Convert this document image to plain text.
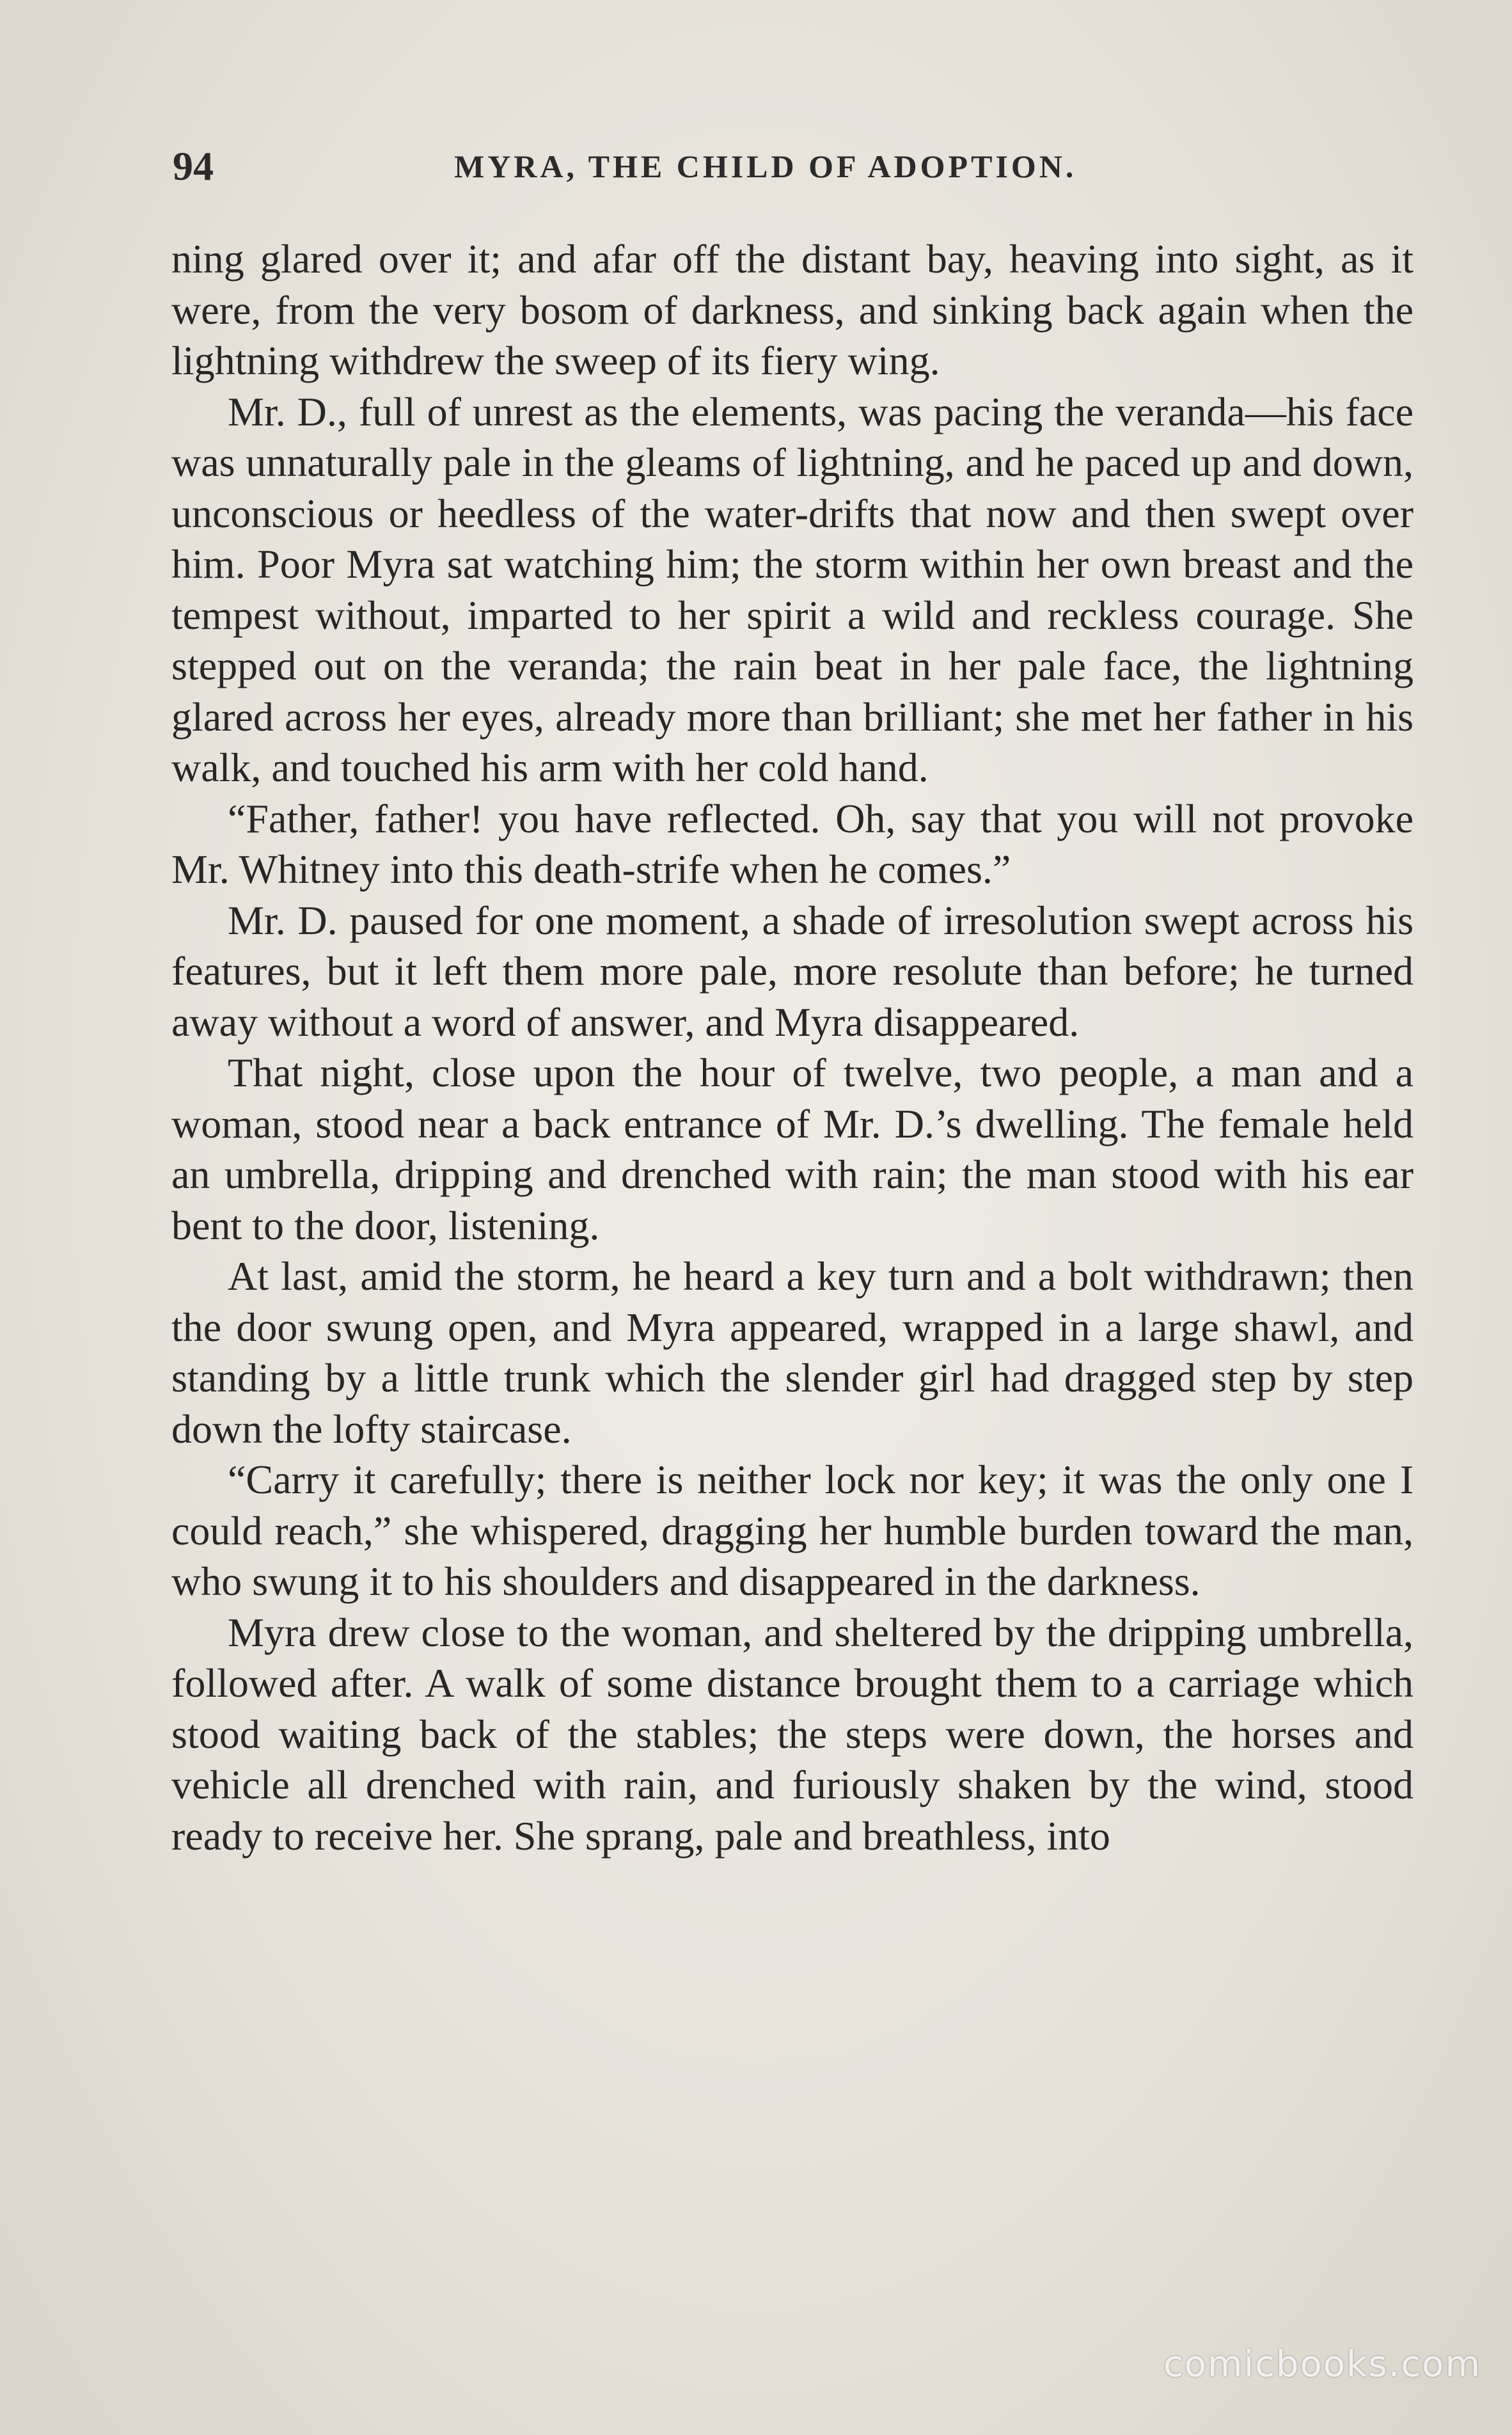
94	MYRA, THE CHILD OF ADOPTION.

ning glared over it; and afar off the distant bay, heaving into sight, as it were, from the very bosom of darkness, and sinking back again when the lightning withdrew the sweep of its fiery wing.

Mr. D., full of unrest as the elements, was pacing the veranda—his face was unnaturally pale in the gleams of lightning, and he paced up and down, unconscious or heedless of the water-drifts that now and then swept over him. Poor Myra sat watching him; the storm within her own breast and the tempest without, imparted to her spirit a wild and reckless courage. She stepped out on the veranda; the rain beat in her pale face, the lightning glared across her eyes, already more than brilliant; she met her father in his walk, and touched his arm with her cold hand.

“Father, father! you have reflected. Oh, say that you will not provoke Mr. Whitney into this death-strife when he comes.”

Mr. D. paused for one moment, a shade of irresolution swept across his features, but it left them more pale, more resolute than before; he turned away without a word of answer, and Myra disappeared.

That night, close upon the hour of twelve, two people, a man and a woman, stood near a back entrance of Mr. D.’s dwelling. The female held an umbrella, dripping and drenched with rain; the man stood with his ear bent to the door, listening.

At last, amid the storm, he heard a key turn and a bolt withdrawn; then the door swung open, and Myra appeared, wrapped in a large shawl, and standing by a little trunk which the slender girl had dragged step by step down the lofty staircase.

“Carry it carefully; there is neither lock nor key; it was the only one I could reach,” she whispered, dragging her humble burden toward the man, who swung it to his shoulders and disappeared in the darkness.

Myra drew close to the woman, and sheltered by the dripping umbrella, followed after. A walk of some distance brought them to a carriage which stood waiting back of the stables; the steps were down, the horses and vehicle all drenched with rain, and furiously shaken by the wind, stood ready to receive her. She sprang, pale and breathless, into

comicbooks.com
